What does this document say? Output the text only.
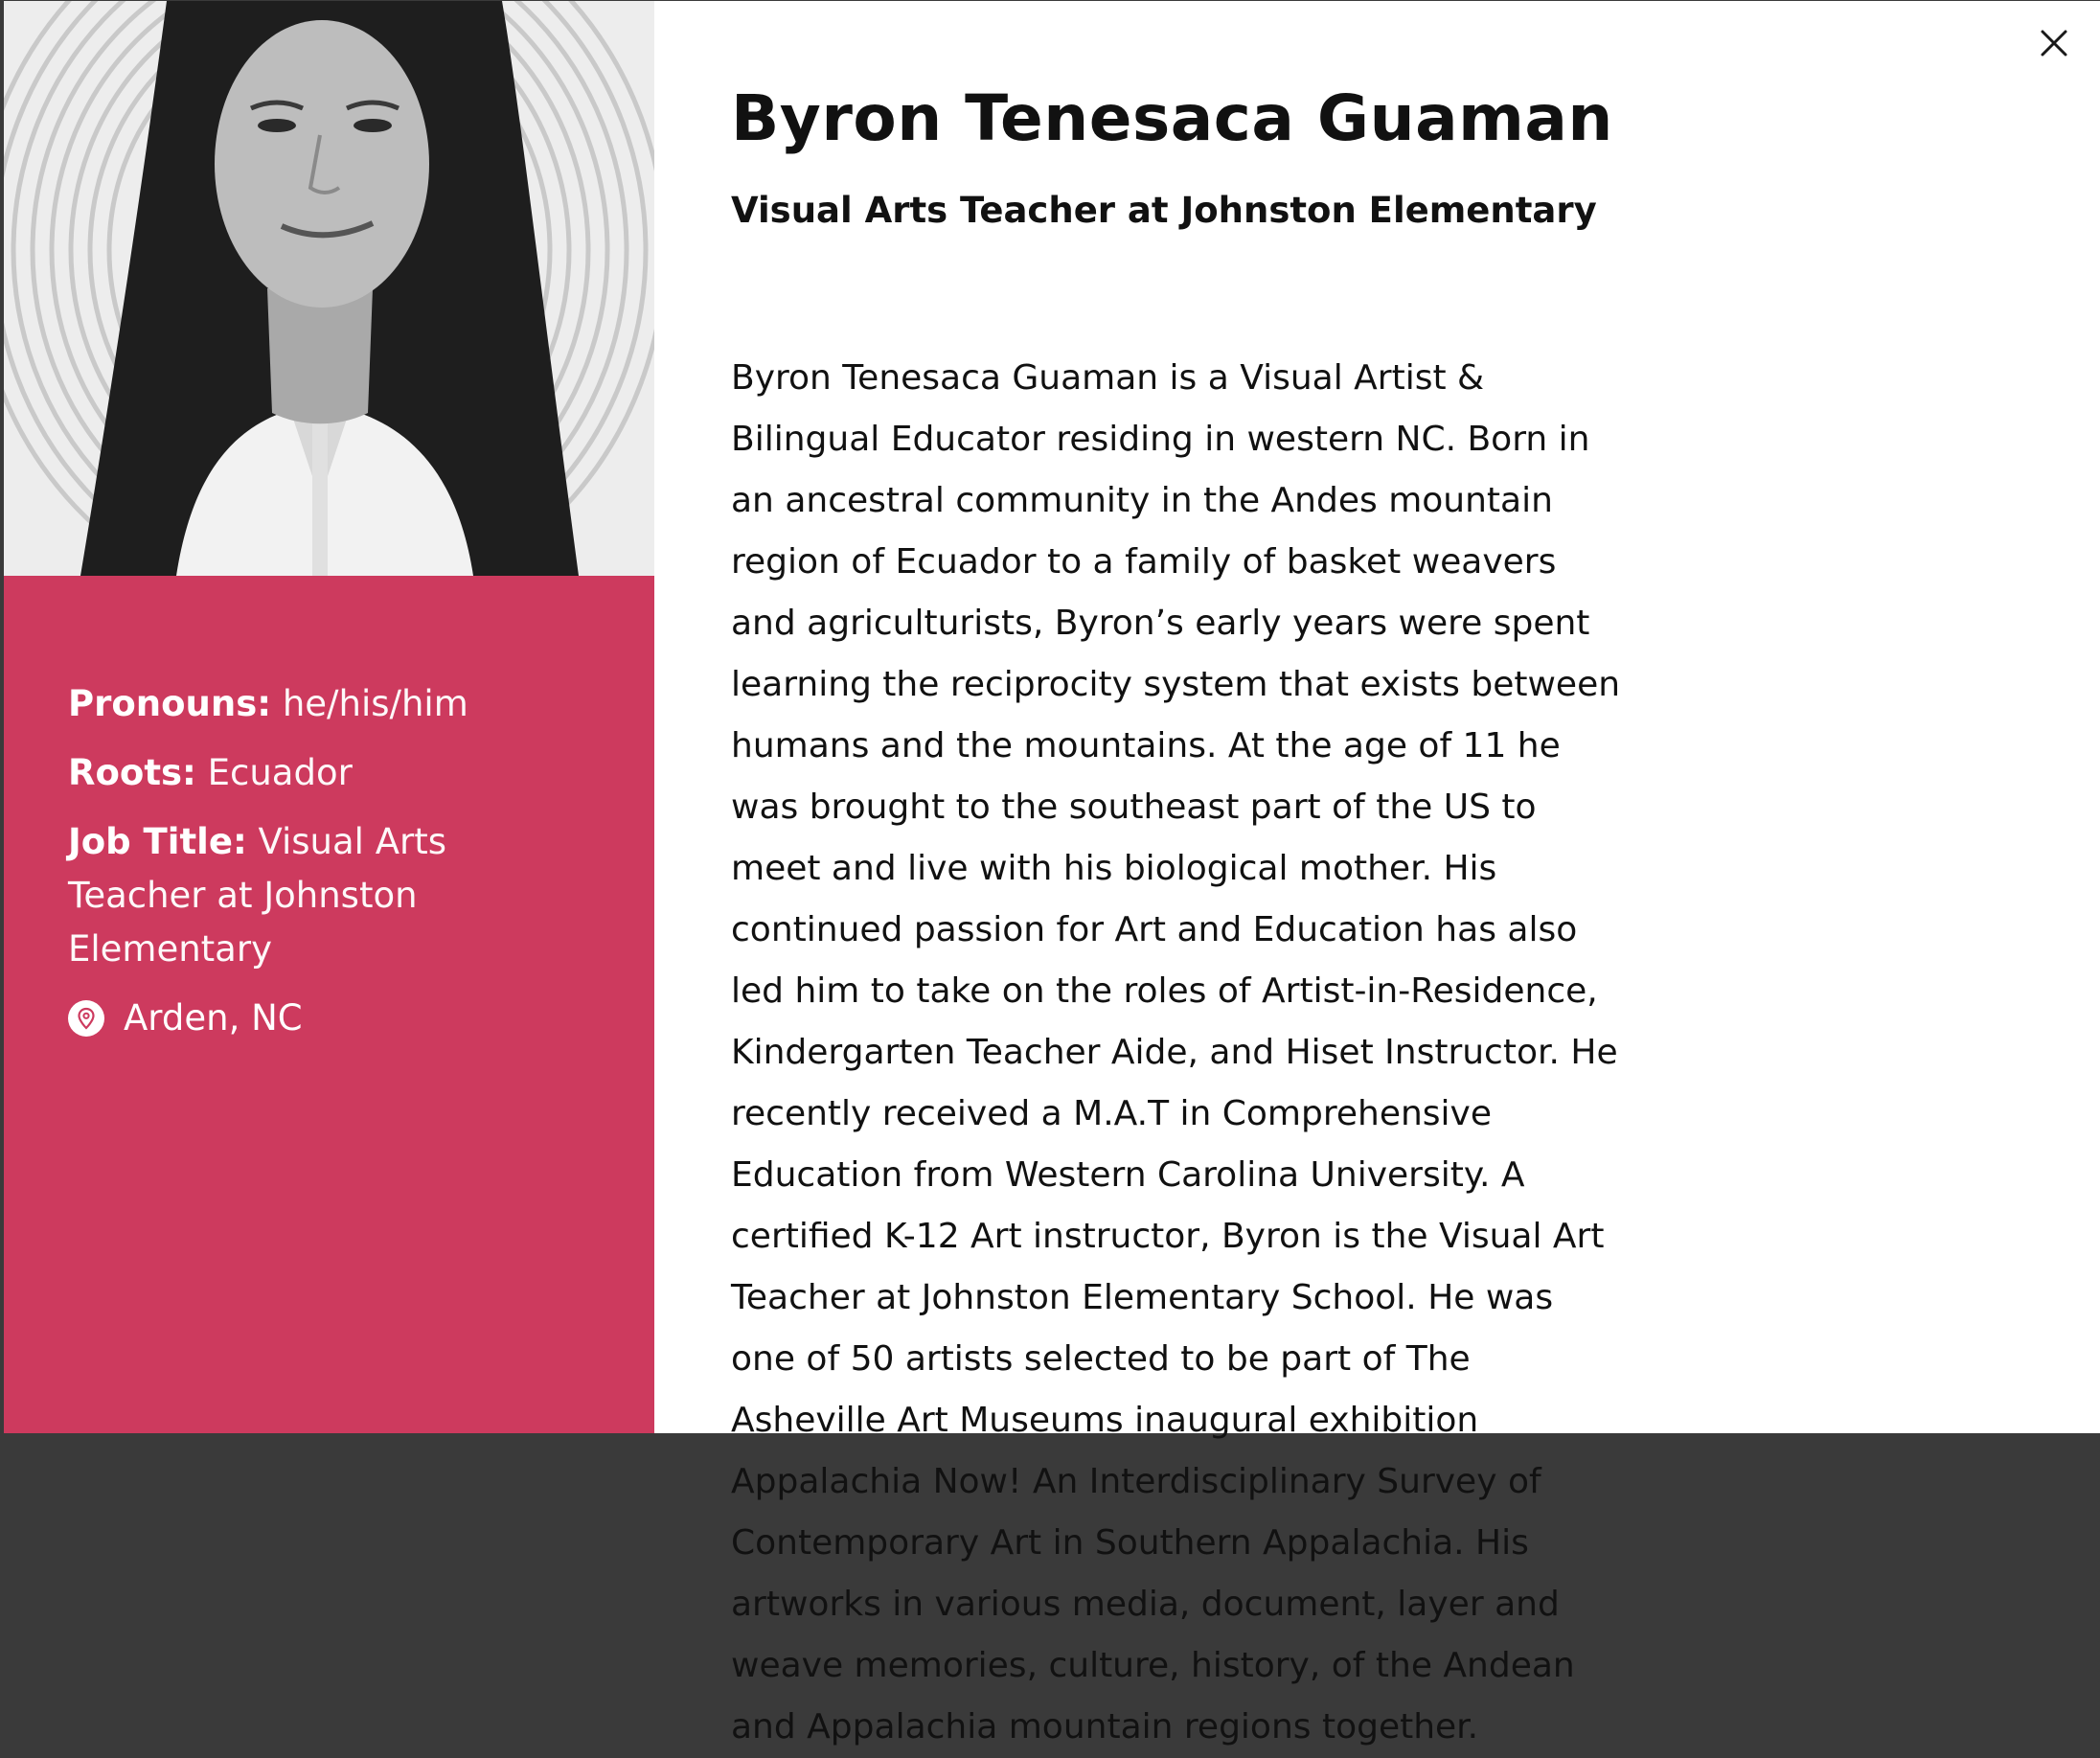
Pronouns: he/his/him
Roots: Ecuador
Job Title: Visual Arts Teacher at Johnston Elementary
Arden, NC
Byron Tenesaca Guaman
Visual Arts Teacher at Johnston Elementary

Byron Tenesaca Guaman is a Visual Artist & Bilingual Educator residing in western NC. Born in an ancestral community in the Andes mountain region of Ecuador to a family of basket weavers and agriculturists, Byron’s early years were spent learning the reciprocity system that exists between humans and the mountains. At the age of 11 he was brought to the southeast part of the US to meet and live with his biological mother. His continued passion for Art and Education has also led him to take on the roles of Artist-in-Residence, Kindergarten Teacher Aide, and Hiset Instructor. He recently received a M.A.T in Comprehensive Education from Western Carolina University. A certified K-12 Art instructor, Byron is the Visual Art Teacher at Johnston Elementary School. He was one of 50 artists selected to be part of The Asheville Art Museums inaugural exhibition Appalachia Now! An Interdisciplinary Survey of Contemporary Art in Southern Appalachia. His artworks in various media, document, layer and weave memories, culture, history, of the Andean and Appalachia mountain regions together.
